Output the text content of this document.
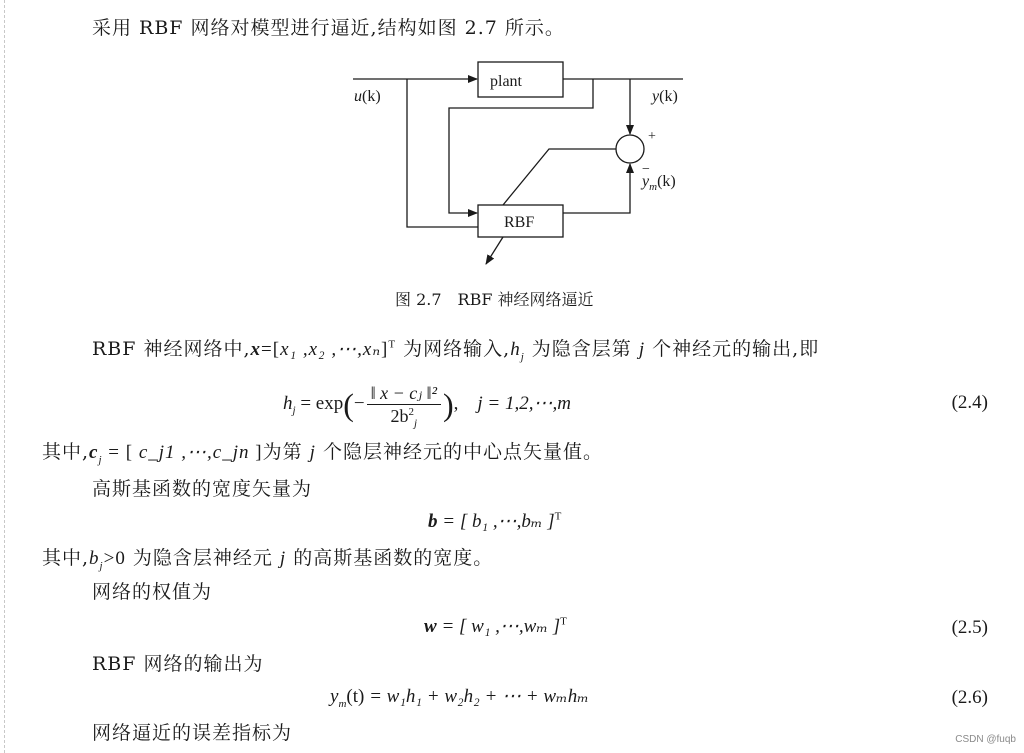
采用 RBF 网络对模型进行逼近,结构如图 2.7 所示。
plant
RBF
u(k)	y(k)
+
−
$y_m(k)$
图 2.7　RBF 神经网络逼近
RBF 神经网络中,x=[x₁ ,x₂ ,⋯,xₙ]$^T$ 为网络输入$,h_j$ 为隐含层第 j 个神经元的输出,即
$h_j = \exp(- \frac{\text{‖ x − cⱼ ‖²}}{2b^2_j}$ ),    j = 1,2,⋯,m	(2.4)
其中$,c_j$ = [ c_j1 ,⋯,c_jn ]为第 j 个隐层神经元的中心点矢量值。
高斯基函数的宽度矢量为
b = [ b₁ ,⋯,bₘ ]$^T$
其中$,b_j>0$ 为隐含层神经元 j 的高斯基函数的宽度。
网络的权值为
w = [ w₁ ,⋯,wₘ ]$^T$	(2.5)
RBF 网络的输出为
$y_m(t) = w_1h_1 + w_2h_2$ + ⋯ + wₘhₘ	(2.6)
网络逼近的误差指标为	CSDN @fuqb
